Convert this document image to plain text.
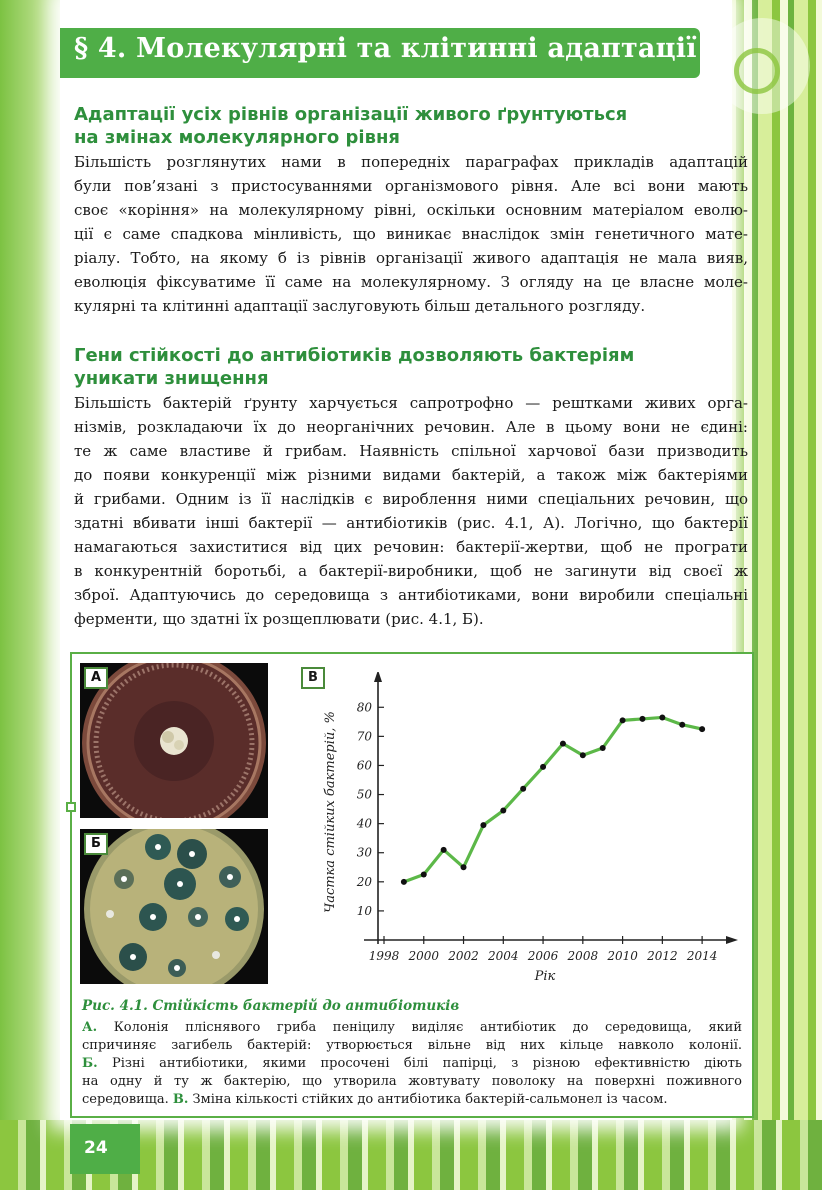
§ 4. Молекулярні та клітинні адаптації
Адаптації усіх рівнів організації живого ґрунтуються
на змінах молекулярного рівня
Більшість розглянутих нами в попередніх параграфах прикладів адаптацій
були пов’язані з пристосуваннями організмового рівня. Але всі вони мають
своє «коріння» на молекулярному рівні, оскільки основним матеріалом еволю-
ції є саме спадкова мінливість, що виникає внаслідок змін генетичного мате-
ріалу. Тобто, на якому б із рівнів організації живого адаптація не мала вияв,
еволюція фіксуватиме її саме на молекулярному. З огляду на це власне моле-
кулярні та клітинні адаптації заслуговують більш детального розгляду.
Гени стійкості до антибіотиків дозволяють бактеріям
уникати знищення
Більшість бактерій ґрунту харчується сапротрофно — рештками живих орга-
нізмів, розкладаючи їх до неорганічних речовин. Але в цьому вони не єдині:
те ж саме властиве й грибам. Наявність спільної харчової бази призводить
до появи конкуренції між різними видами бактерій, а також між бактеріями
й грибами. Одним із її наслідків є вироблення ними спеціальних речовин, що
здатні вбивати інші бактерії — антибіотиків (рис. 4.1, А). Логічно, що бактерії
намагаються захиститися від цих речовин: бактерії-жертви, щоб не програти
в конкурентній боротьбі, а бактерії-виробники, щоб не загинути від своєї ж
зброї. Адаптуючись до середовища з антибіотиками, вони виробили спеціальні
ферменти, що здатні їх розщеплювати (рис. 4.1, Б).
А
Б
В
10
20
30
40
50
60
70
80
1998 2000 2002 2004 2006 2008 2010 2012 2014
Рік
Частка стійких бактерій, %
Рис. 4.1. Стійкість бактерій до антибіотиків
А. Колонія пліснявого гриба пеніцилу виділяє антибіотик до середовища, який
спричиняє загибель бактерій: утворюється вільне від них кільце навколо колонії.
Б. Різні антибіотики, якими просочені білі папірці, з різною ефективністю діють
на одну й ту ж бактерію, що утворила жовтувату поволоку на поверхні поживного
середовища. В. Зміна кількості стійких до антибіотика бактерій-сальмонел із часом.
24
